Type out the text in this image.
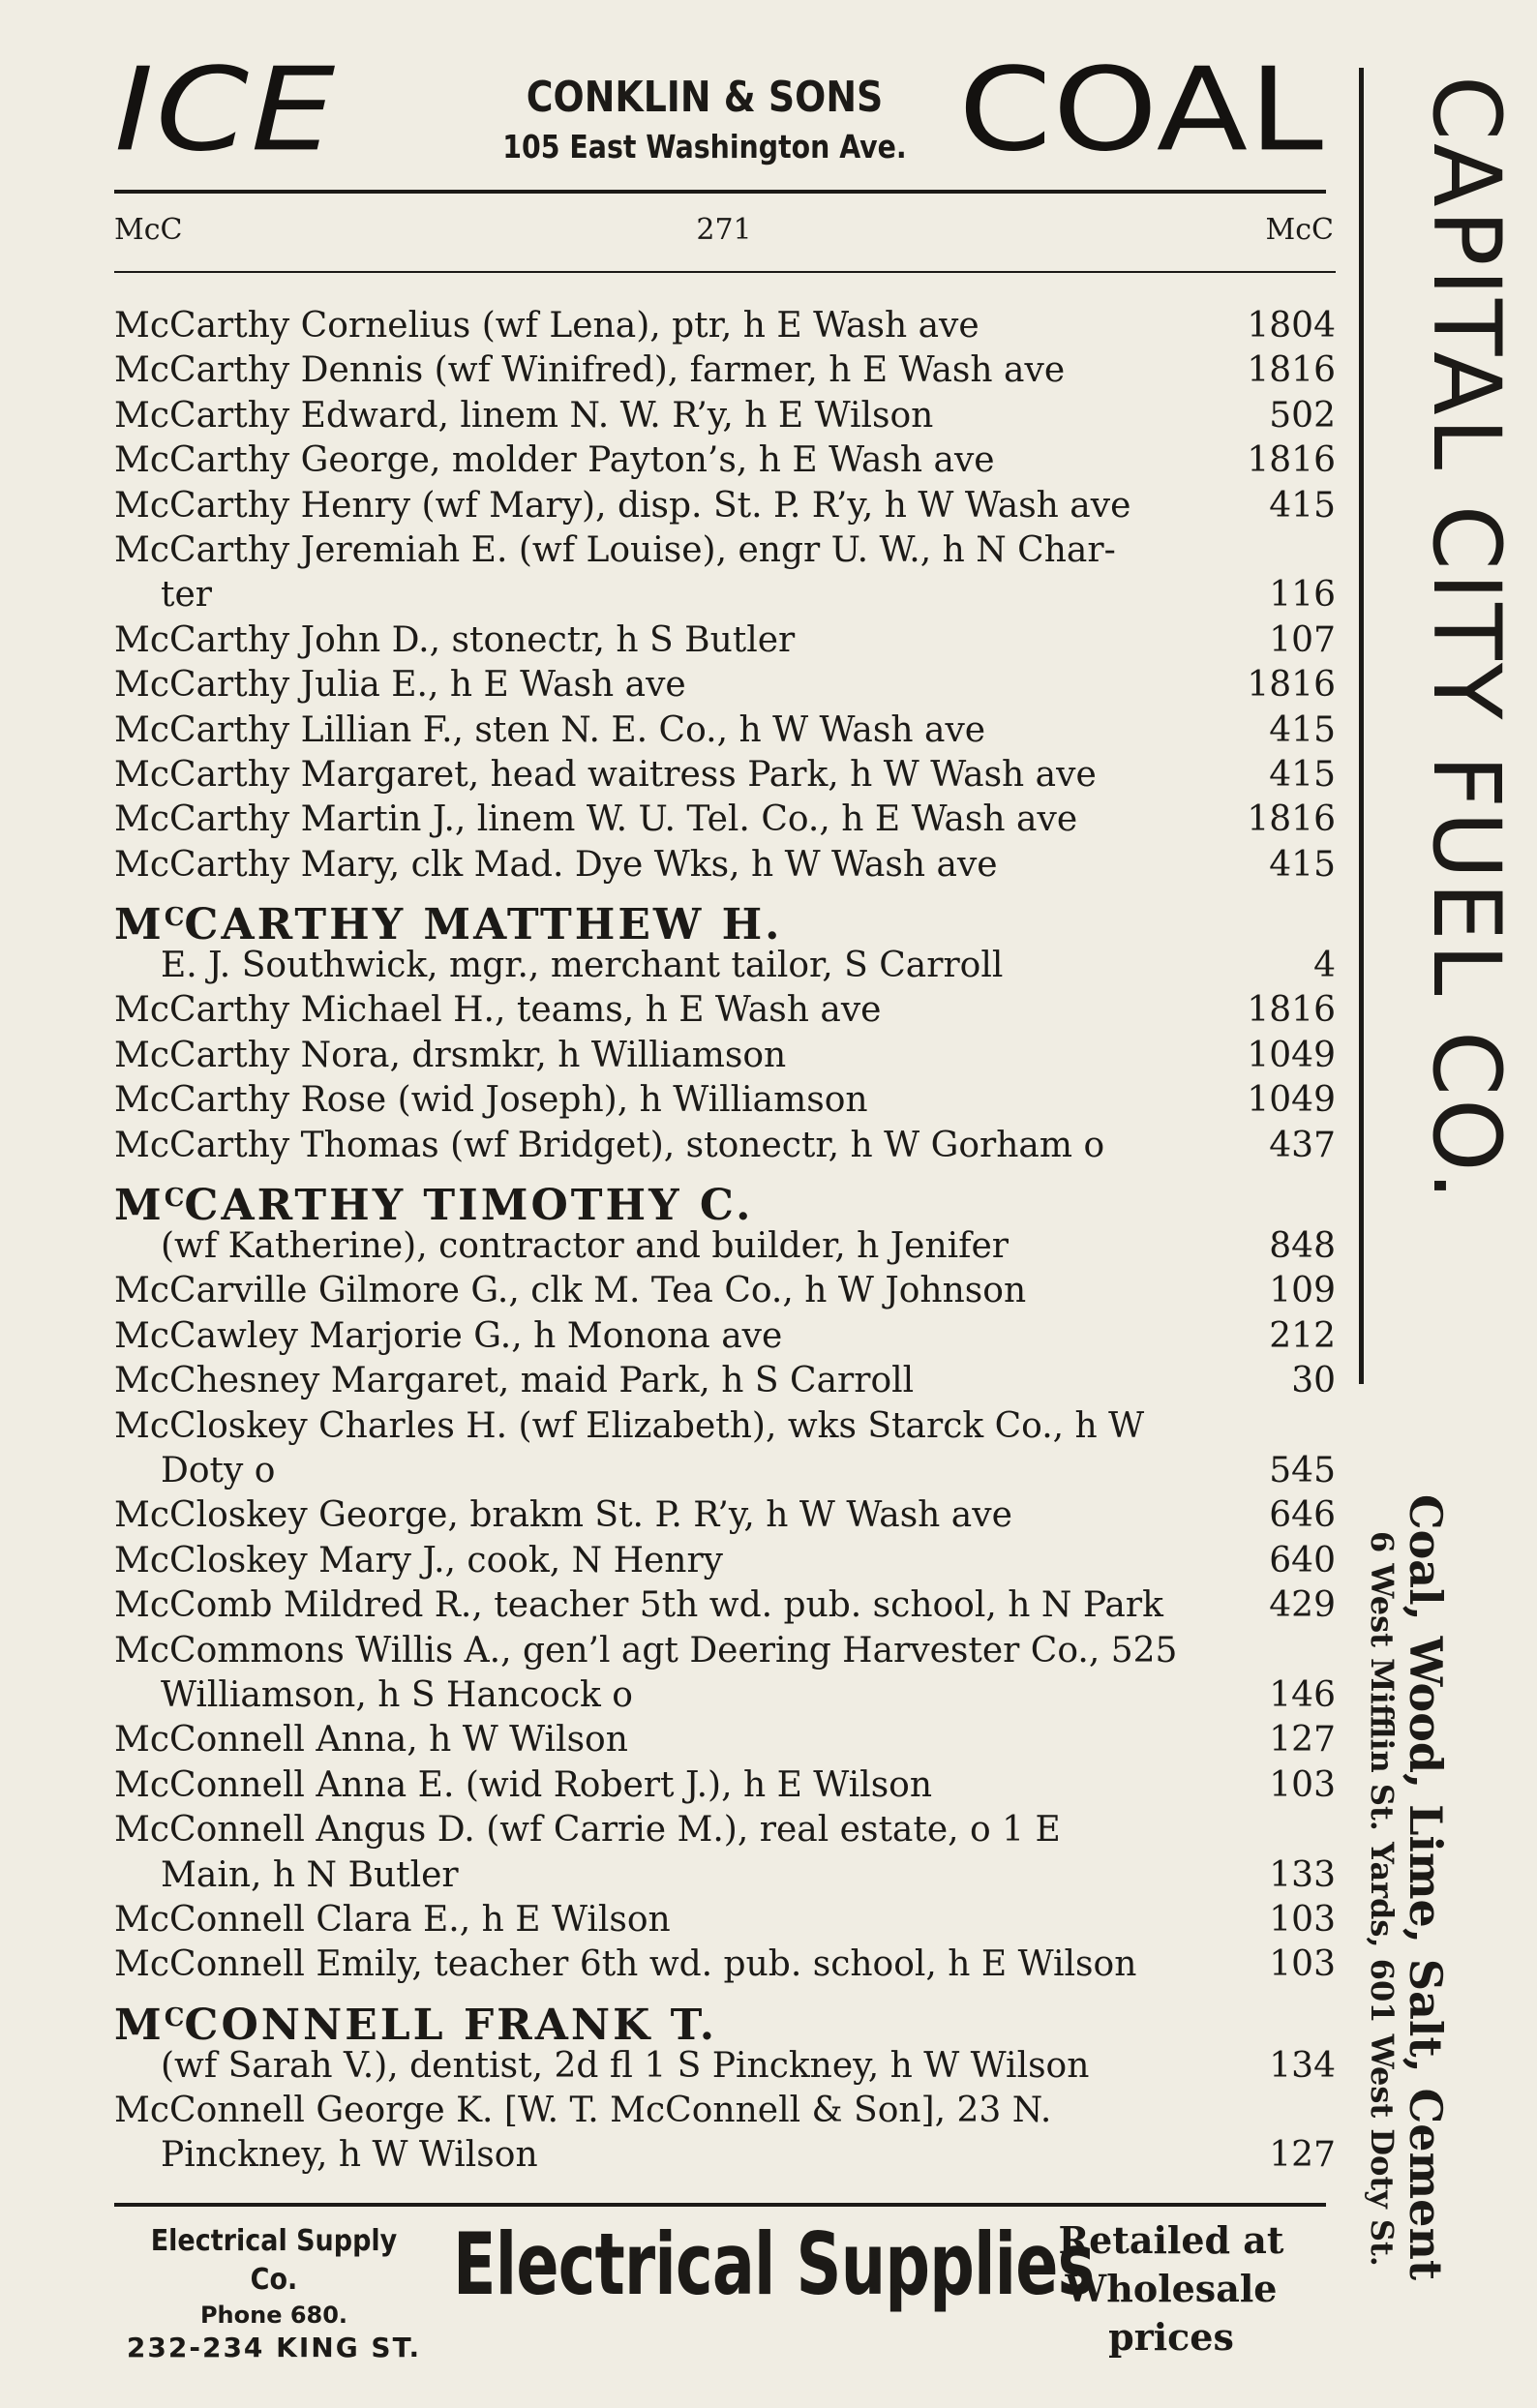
ICE	CONKLIN & SONS
105 East Washington Ave. COAL
McC	271	McC
McCarthy Cornelius (wf Lena), ptr, h E Wash ave	1804
McCarthy Dennis (wf Winifred), farmer, h E Wash ave	1816
McCarthy Edward, linem N. W. R’y, h E Wilson	502
McCarthy George, molder Payton’s, h E Wash ave	1816
McCarthy Henry (wf Mary), disp. St. P. R’y, h W Wash ave	415
McCarthy Jeremiah E. (wf Louise), engr U. W., h N Char-
ter	116
McCarthy John D., stonectr, h S Butler	107
McCarthy Julia E., h E Wash ave	1816
McCarthy Lillian F., sten N. E. Co., h W Wash ave	415
McCarthy Margaret, head waitress Park, h W Wash ave	415
McCarthy Martin J., linem W. U. Tel. Co., h E Wash ave	1816
McCarthy Mary, clk Mad. Dye Wks, h W Wash ave	415
$M^CCARTHY$ MATTHEW H.
E. J. Southwick, mgr., merchant tailor, S Carroll	4
McCarthy Michael H., teams, h E Wash ave	1816
McCarthy Nora, drsmkr, h Williamson	1049
McCarthy Rose (wid Joseph), h Williamson	1049
McCarthy Thomas (wf Bridget), stonectr, h W Gorham o	437
$M^CCARTHY$ TIMOTHY C.
(wf Katherine), contractor and builder, h Jenifer	848
McCarville Gilmore G., clk M. Tea Co., h W Johnson	109
McCawley Marjorie G., h Monona ave	212
McChesney Margaret, maid Park, h S Carroll	30
McCloskey Charles H. (wf Elizabeth), wks Starck Co., h W
Doty o	545
McCloskey George, brakm St. P. R’y, h W Wash ave	646
McCloskey Mary J., cook, N Henry	640
McComb Mildred R., teacher 5th wd. pub. school, h N Park	429
McCommons Willis A., gen’l agt Deering Harvester Co., 525
Williamson, h S Hancock o	146
McConnell Anna, h W Wilson	127
McConnell Anna E. (wid Robert J.), h E Wilson	103
McConnell Angus D. (wf Carrie M.), real estate, o 1 E
Main, h N Butler	133
McConnell Clara E., h E Wilson	103
McConnell Emily, teacher 6th wd. pub. school, h E Wilson	103
$M^CCONNELL$ FRANK T.
(wf Sarah V.), dentist, 2d fl 1 S Pinckney, h W Wilson	134
McConnell George K. [W. T. McConnell & Son], 23 N.
Pinckney, h W Wilson	127
Electrical Supply Co.
Phone 680.
232-234 KING ST.
Electrical Supplies
Retailed at
Wholesale prices
CAPITAL CITY FUEL CO.
Coal, Wood, Lime, Salt, Cement
6 West Mifflin St. Yards, 601 West Doty St.
